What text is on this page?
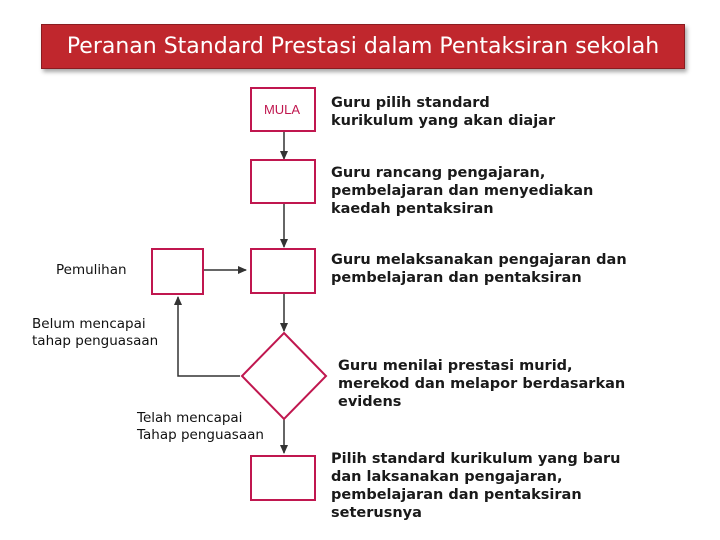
Peranan Standard Prestasi dalam Pentaksiran sekolah
MULA	Guru pilih standard kurikulum yang akan diajar
Guru rancang pengajaran, pembelajaran dan menyediakan kaedah pentaksiran
Guru melaksanakan pengajaran dan pembelajaran dan pentaksiran
Guru menilai prestasi murid, merekod dan melapor berdasarkan evidens
Pilih standard kurikulum yang baru dan laksanakan pengajaran, pembelajaran dan pentaksiran seterusnya
Pemulihan
Belum mencapai tahap penguasaan
Telah mencapai Tahap penguasaan
